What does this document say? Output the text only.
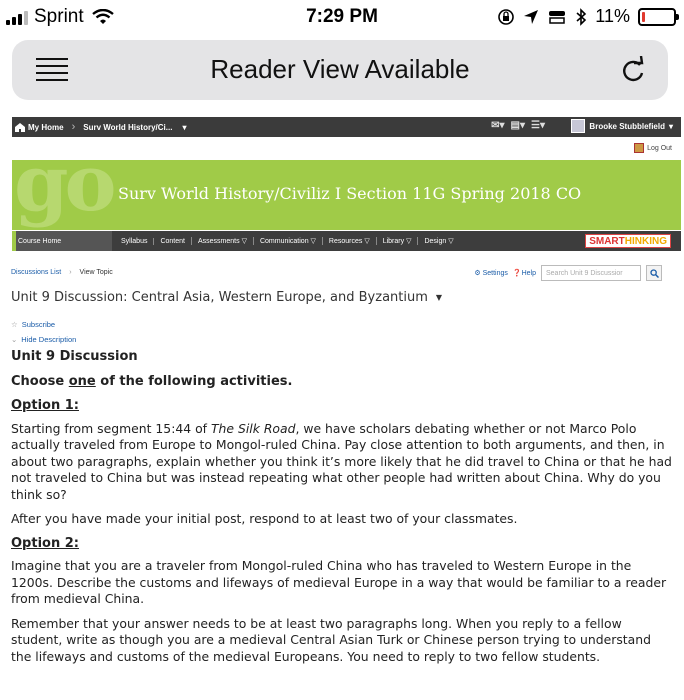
Sprint	7:29 PM	11%
Reader View Available
My Home › Surv World History/Ci... ▾	✉▾ ▤▾ ☰▾	Brooke Stubblefield ▾
Log Out
go Surv World History/Civiliz I Section 11G Spring 2018 CO
Course Home	Syllabus	Content	Assessments ▽	Communication ▽	Resources ▽	Library ▽	Design ▽	SMART HINKING
Discussions List › View Topic	⚙ Settings ❓Help	Search Unit 9 Discussior
Unit 9 Discussion: Central Asia, Western Europe, and Byzantium ▼
☆ Subscribe
⌄ Hide Description
Unit 9 Discussion
Choose one of the following activities.
Option 1:

Starting from segment 15:44 of The Silk Road, we have scholars debating whether or not Marco Polo actually traveled from Europe to Mongol-ruled China. Pay close attention to both arguments, and then, in about two paragraphs, explain whether you think it’s more likely that he did travel to China or that he had not traveled to China but was instead repeating what other people had written about China. Why do you think so?

After you have made your initial post, respond to at least two of your classmates.

Option 2:

Imagine that you are a traveler from Mongol-ruled China who has traveled to Western Europe in the 1200s. Describe the customs and lifeways of medieval Europe in a way that would be familiar to a reader from medieval China.

Remember that your answer needs to be at least two paragraphs long. When you reply to a fellow student, write as though you are a medieval Central Asian Turk or Chinese person trying to understand the lifeways and customs of the medieval Europeans. You need to reply to two fellow students.
